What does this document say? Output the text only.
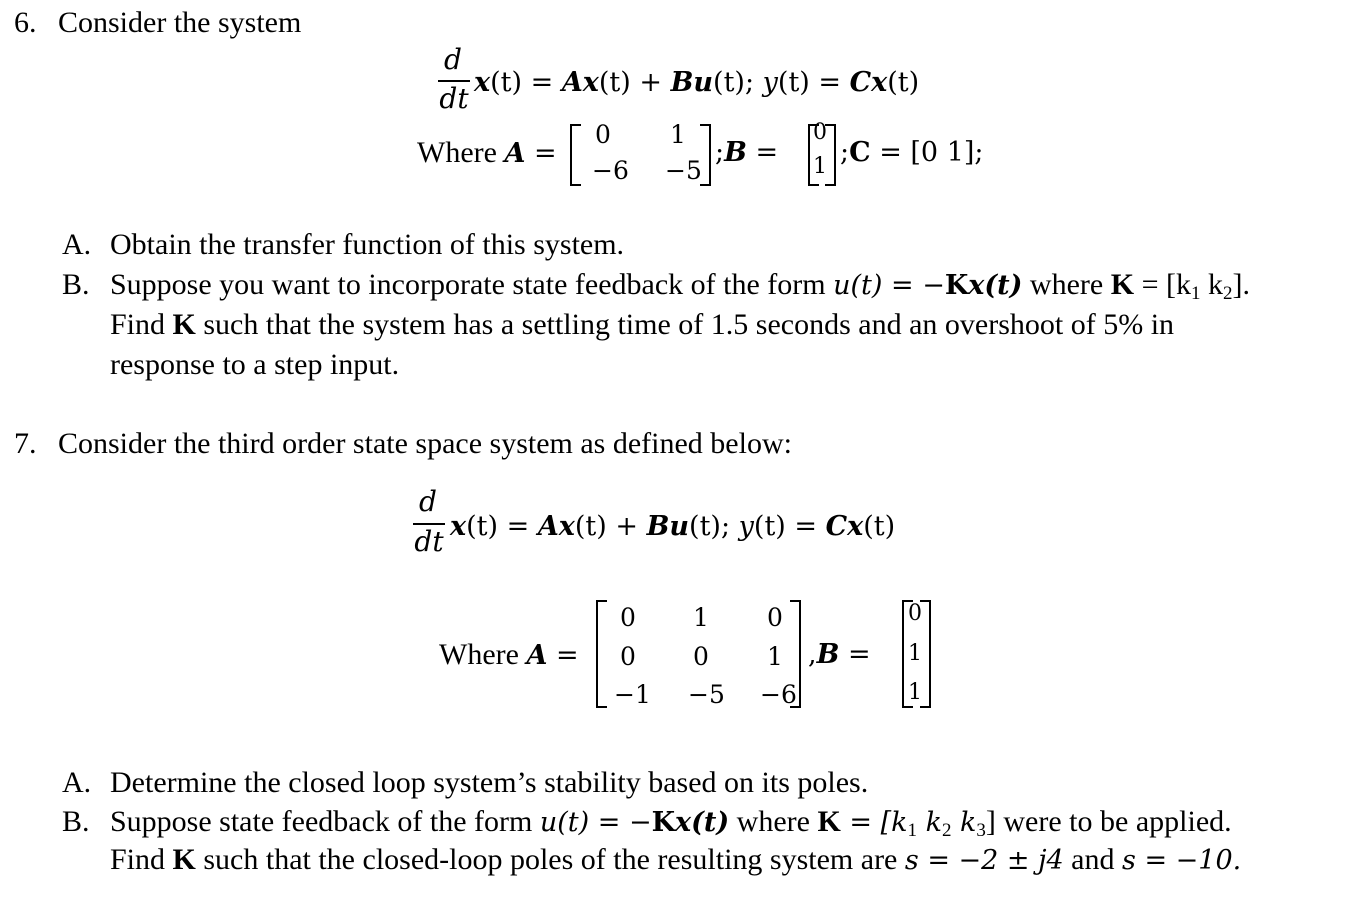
6. Consider the system
d
dt x(t) = Ax(t) + Bu(t); y(t) = Cx(t)
Where A =
0	1
−6 −5
;B =
0
1 ;C = [0 1];
A. Obtain the transfer function of this system.
B. Suppose you want to incorporate state feedback of the form u(t) = −Kx(t) where $K = [k_1$ $k_2$].
Find K such that the system has a settling time of 1.5 seconds and an overshoot of 5% in
response to a step input.
7. Consider the third order state space system as defined below:
d
dt x(t) = Ax(t) + Bu(t); y(t) = Cx(t)
Where A =
0	1	0
0	0	1
−1 −5 −6
,B =
0
1
1
A. Determine the closed loop system’s stability based on its poles.
B. Suppose state feedback of the form u(t) = −Kx(t) where $K = [k_1$ $k_2$ $k_3$] were to be applied.
Find K such that the closed-loop poles of the resulting system are s = −2 ± j4 and s = −10.
